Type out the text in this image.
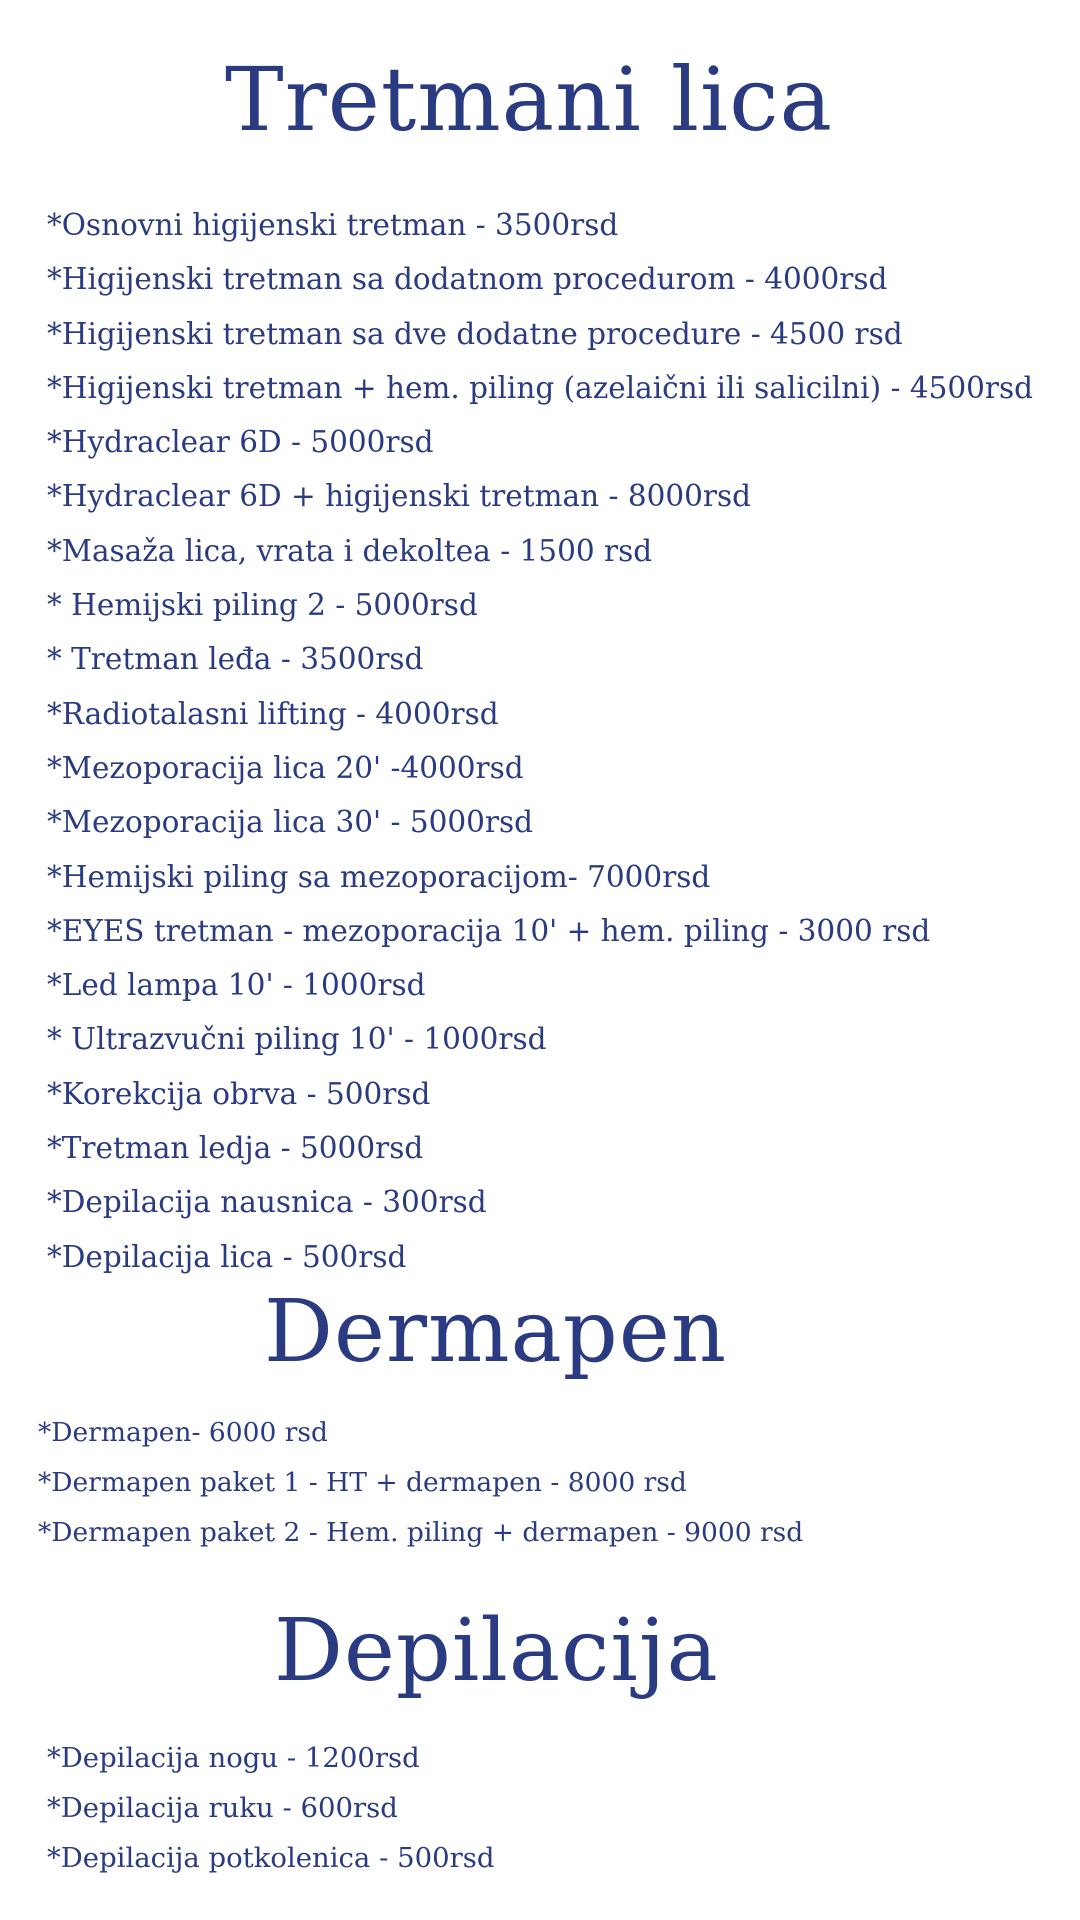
Tretmani lica
*Osnovni higijenski tretman - 3500rsd
*Higijenski tretman sa dodatnom procedurom - 4000rsd
*Higijenski tretman sa dve dodatne procedure - 4500 rsd
*Higijenski tretman + hem. piling (azelaični ili salicilni) - 4500rsd
*Hydraclear 6D - 5000rsd
*Hydraclear 6D + higijenski tretman - 8000rsd
*Masaža lica, vrata i dekoltea - 1500 rsd
* Hemijski piling 2 - 5000rsd
* Tretman leđa - 3500rsd
*Radiotalasni lifting - 4000rsd
*Mezoporacija lica 20' -4000rsd
*Mezoporacija lica 30' - 5000rsd
*Hemijski piling sa mezoporacijom- 7000rsd
*EYES tretman - mezoporacija 10' + hem. piling - 3000 rsd
*Led lampa 10' - 1000rsd
* Ultrazvučni piling 10' - 1000rsd
*Korekcija obrva - 500rsd
*Tretman ledja - 5000rsd
*Depilacija nausnica - 300rsd
*Depilacija lica - 500rsd
Dermapen
*Dermapen- 6000 rsd
*Dermapen paket 1 - HT + dermapen - 8000 rsd
*Dermapen paket 2 - Hem. piling + dermapen - 9000 rsd
Depilacija
*Depilacija nogu - 1200rsd
*Depilacija ruku - 600rsd
*Depilacija potkolenica - 500rsd
